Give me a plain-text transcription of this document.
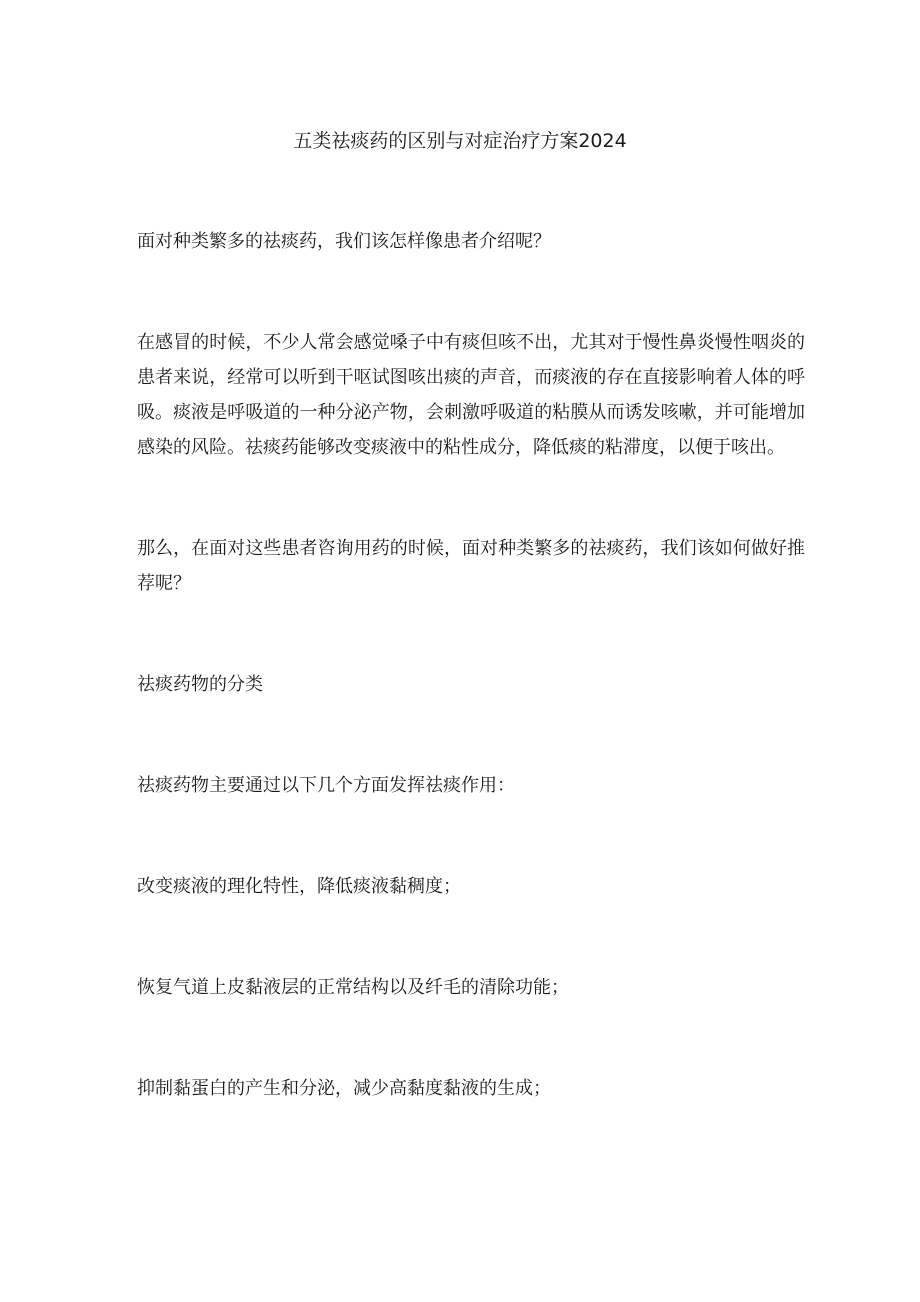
五类祛痰药的区别与对症治疗方案2024

面对种类繁多的祛痰药，我们该怎样像患者介绍呢？

在感冒的时候，不少人常会感觉嗓子中有痰但咳不出，尤其对于慢性鼻炎慢性咽炎的患者来说，经常可以听到干呕试图咳出痰的声音，而痰液的存在直接影响着人体的呼吸。痰液是呼吸道的一种分泌产物，会刺激呼吸道的粘膜从而诱发咳嗽，并可能增加感染的风险。祛痰药能够改变痰液中的粘性成分，降低痰的粘滞度，以便于咳出。

那么，在面对这些患者咨询用药的时候，面对种类繁多的祛痰药，我们该如何做好推荐呢？

祛痰药物的分类

祛痰药物主要通过以下几个方面发挥祛痰作用：

改变痰液的理化特性，降低痰液黏稠度；

恢复气道上皮黏液层的正常结构以及纤毛的清除功能；

抑制黏蛋白的产生和分泌，减少高黏度黏液的生成；
